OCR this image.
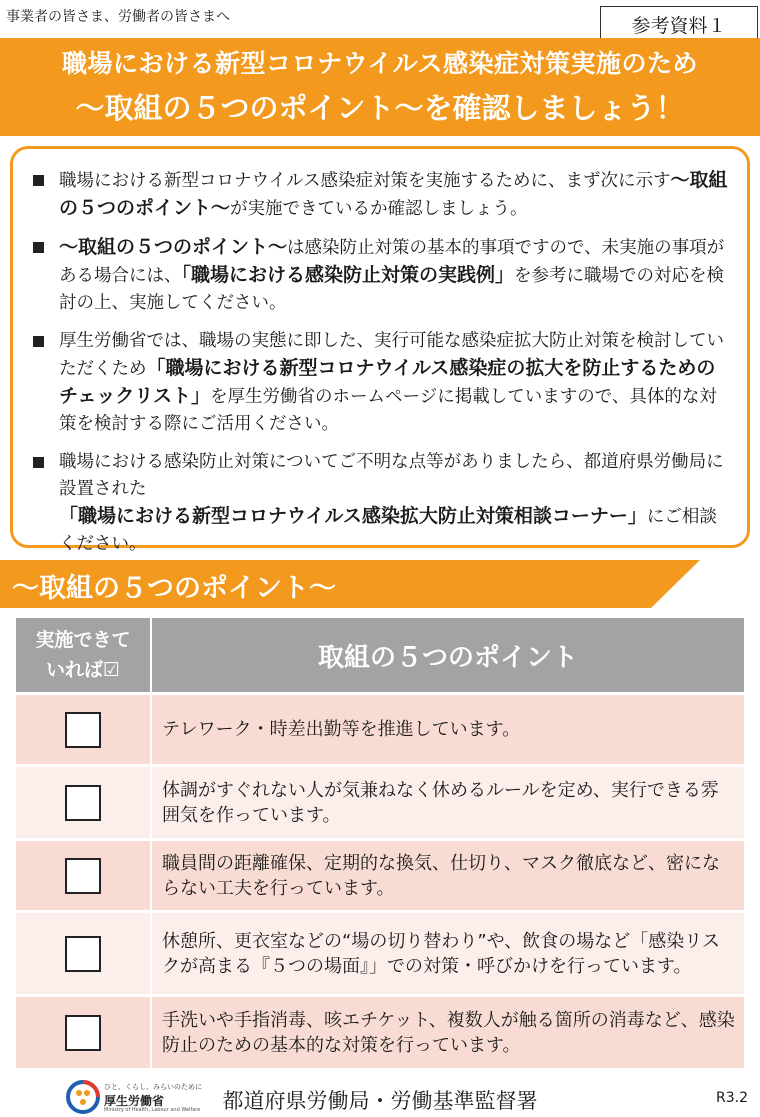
事業者の皆さま、労働者の皆さまへ	参考資料１
職場における新型コロナウイルス感染症対策実施のため
～取組の５つのポイント～を確認しましょう！
職場における新型コロナウイルス感染症対策を実施するために、まず次に示す～取組の５つのポイント～が実施できているか確認しましょう。
～取組の５つのポイント～は感染防止対策の基本的事項ですので、未実施の事項がある場合には、「職場における感染防止対策の実践例」を参考に職場での対応を検討の上、実施してください。
厚生労働省では、職場の実態に即した、実行可能な感染症拡大防止対策を検討していただくため「職場における新型コロナウイルス感染症の拡大を防止するためのチェックリスト」を厚生労働省のホームページに掲載していますので、具体的な対策を検討する際にご活用ください。
職場における感染防止対策についてご不明な点等がありましたら、都道府県労働局に設置された「職場における新型コロナウイルス感染拡大防止対策相談コーナー」にご相談ください。
～取組の５つのポイント～
実施できて
いれば☑	取組の５つのポイント
テレワーク・時差出勤等を推進しています。
体調がすぐれない人が気兼ねなく休めるルールを定め、実行できる雰囲気を作っています。
職員間の距離確保、定期的な換気、仕切り、マスク徹底など、密にならない工夫を行っています。
休憩所、更衣室などの“場の切り替わり”や、飲食の場など「感染リスクが高まる『５つの場面』」での対策・呼びかけを行っています。
手洗いや手指消毒、咳エチケット、複数人が触る箇所の消毒など、感染防止のための基本的な対策を行っています。
ひと、くらし、みらいのために
厚生労働省
Ministry of Health, Labour and Welfare	都道府県労働局・労働基準監督署	R3.2
